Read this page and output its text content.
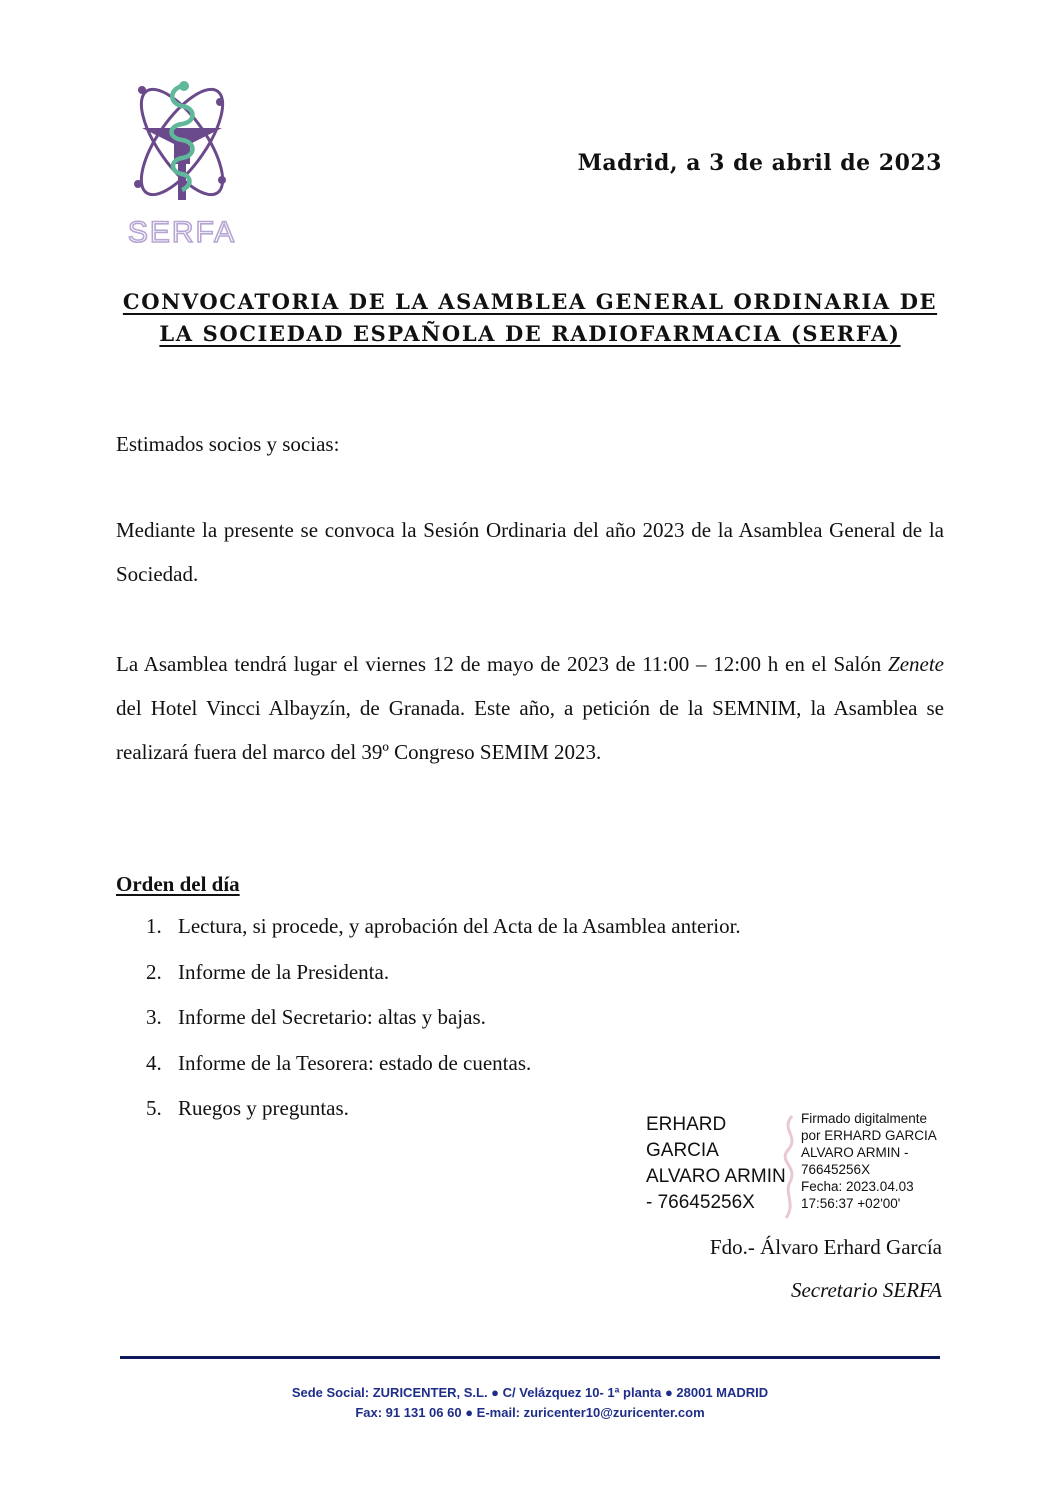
SERFA
Madrid, a 3 de abril de 2023
CONVOCATORIA DE LA ASAMBLEA GENERAL ORDINARIA DE
LA SOCIEDAD ESPAÑOLA DE RADIOFARMACIA (SERFA)
Estimados socios y socias:
Mediante la presente se convoca la Sesión Ordinaria del año 2023 de la Asamblea General de la Sociedad.
La Asamblea tendrá lugar el viernes 12 de mayo de 2023 de 11:00 – 12:00 h en el Salón Zenete del Hotel Vincci Albayzín, de Granada. Este año, a petición de la SEMNIM, la Asamblea se realizará fuera del marco del 39º Congreso SEMIM 2023.
Orden del día
1. Lectura, si procede, y aprobación del Acta de la Asamblea anterior.
2. Informe de la Presidenta.
3. Informe del Secretario: altas y bajas.
4. Informe de la Tesorera: estado de cuentas.
5. Ruegos y preguntas.
ERHARD
GARCIA
ALVARO ARMIN
- 76645256X
Firmado digitalmente
por ERHARD GARCIA
ALVARO ARMIN -
76645256X
Fecha: 2023.04.03
17:56:37 +02'00'
Fdo.- Álvaro Erhard García
Secretario SERFA
Sede Social: ZURICENTER, S.L. ● C/ Velázquez 10- 1ª planta ● 28001 MADRID
Fax: 91 131 06 60 ● E-mail: zuricenter10@zuricenter.com
